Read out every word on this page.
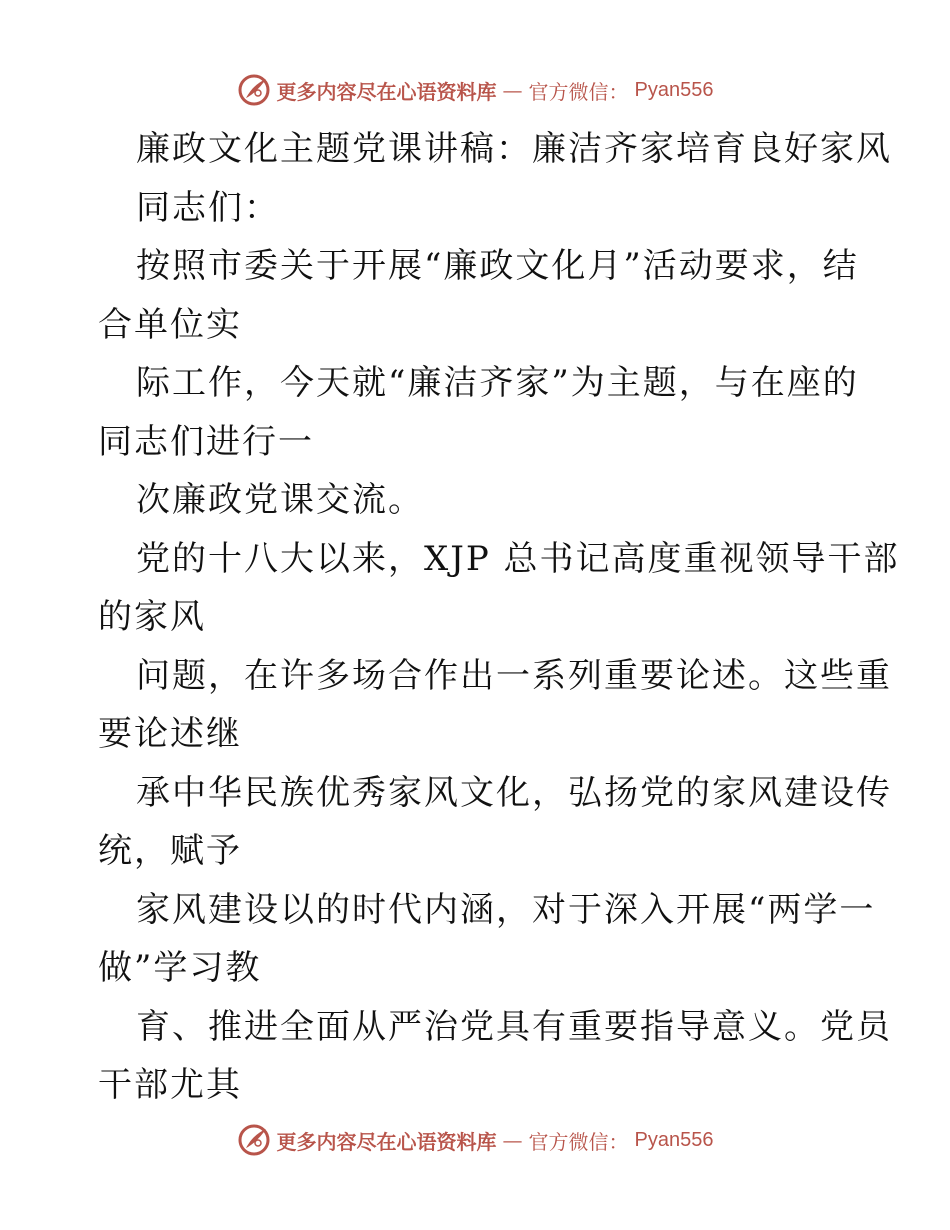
更多内容尽在心语资料库 — 官方微信： Pyan556
廉政文化主题党课讲稿：廉洁齐家培育良好家风
同志们：
按照市委关于开展“廉政文化月”活动要求，结
合单位实
际工作，今天就“廉洁齐家”为主题，与在座的
同志们进行一
次廉政党课交流。
党的十八大以来，XJP 总书记高度重视领导干部
的家风
问题，在许多场合作出一系列重要论述。这些重
要论述继
承中华民族优秀家风文化，弘扬党的家风建设传
统，赋予
家风建设以的时代内涵，对于深入开展“两学一
做”学习教
育、推进全面从严治党具有重要指导意义。党员
干部尤其
更多内容尽在心语资料库 — 官方微信： Pyan556
